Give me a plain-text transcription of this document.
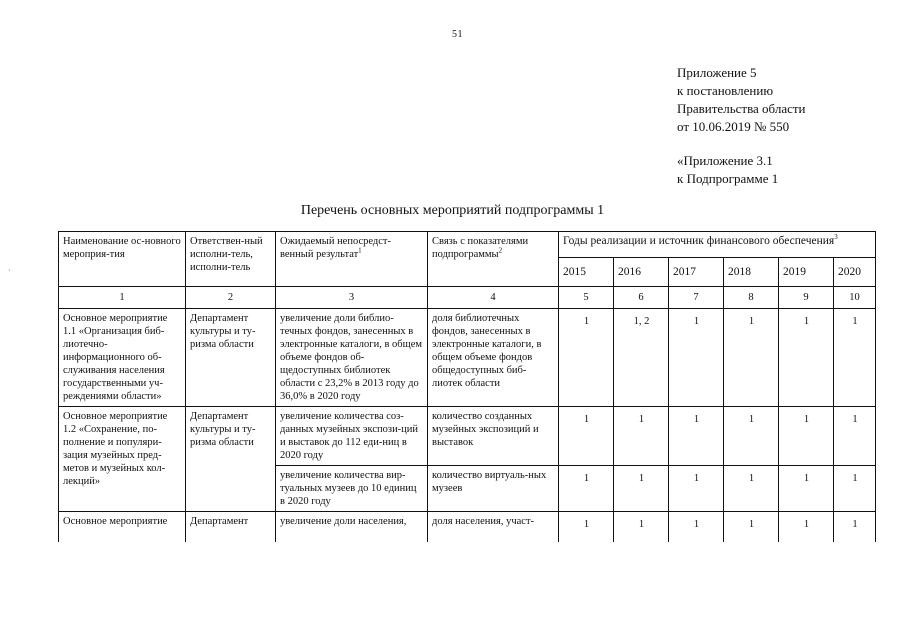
51
·
Приложение 5
к постановлению
Правительства области
от 10.06.2019 № 550
«Приложение 3.1
к Подпрограмме 1
Перечень основных мероприятий подпрограммы 1
Наименование ос-новного мероприя-тия	Ответствен-ный исполни-тель, исполни-тель	Ожидаемый непосредст-венный результат$^1$	Связь с показателями подпрограммы$^2$	Годы реализации и источник финансового обеспечения$^3$
				2015	2016	2017	2018	2019	2020
1	2	3	4	5	6	7	8	9	10
Основное мероприятие 1.1 «Организация биб-лиотечно-информационного об-служивания населения государственными уч-реждениями области»	Департамент культуры и ту-ризма области	увеличение доли библио-течных фондов, занесенных в электронные каталоги, в общем объеме фондов об-щедоступных библиотек области с 23,2% в 2013 году до 36,0% в 2020 году	доля библиотечных фондов, занесенных в электронные каталоги, в общем объеме фондов общедоступных биб-лиотек области	1	1, 2	1	1	1	1
Основное мероприятие 1.2 «Сохранение, по-полнение и популяри-зация музейных пред-метов и музейных кол-лекций»	Департамент культуры и ту-ризма области	увеличение количества соз-данных музейных экспози-ций и выставок до 112 еди-ниц в 2020 году	количество созданных музейных экспозиций и выставок	1	1	1	1	1	1
		увеличение количества вир-туальных музеев до 10 единиц в 2020 году	количество виртуаль-ных музеев	1	1	1	1	1	1
Основное мероприятие	Департамент	увеличение доли населения,	доля населения, участ-	1	1	1	1	1	1
